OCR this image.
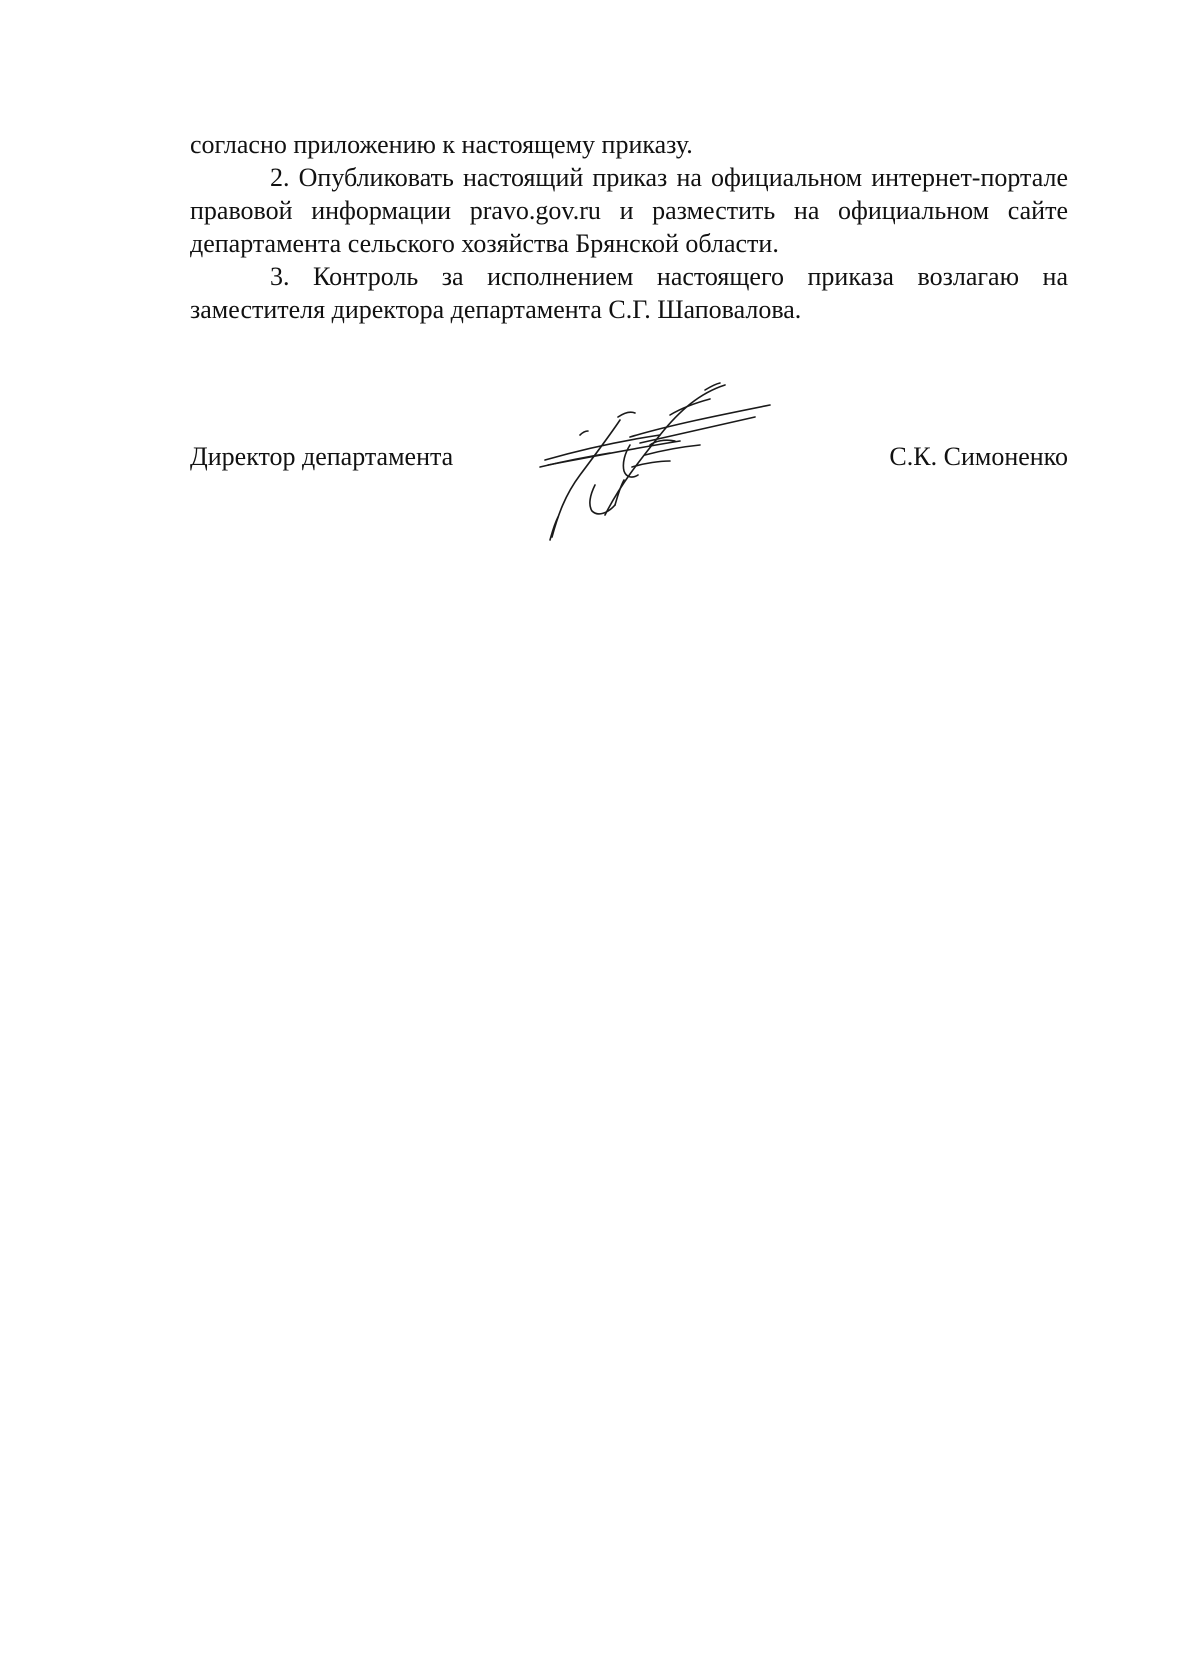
согласно приложению к настоящему приказу.

2. Опубликовать настоящий приказ на официальном интернет-портале правовой информации pravo.gov.ru и разместить на официальном сайте департамента сельского хозяйства Брянской области.

3. Контроль за исполнением настоящего приказа возлагаю на заместителя директора департамента С.Г. Шаповалова.

Директор департамента	С.К. Симоненко
